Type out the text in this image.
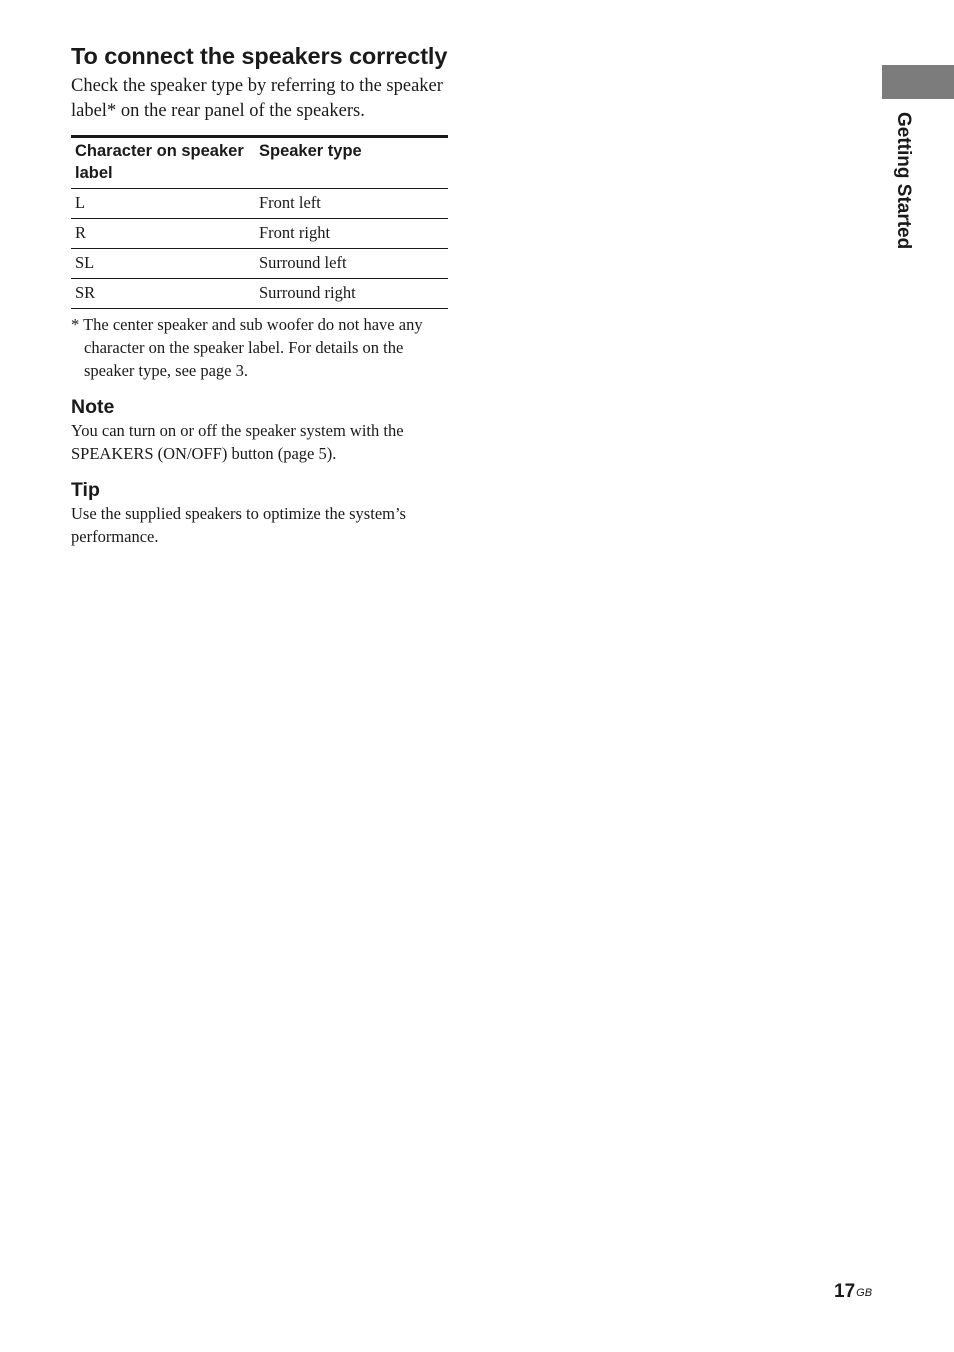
Getting Started
To connect the speakers correctly

Check the speaker type by referring to the speaker label* on the rear panel of the speakers.

Character on speaker label	Speaker type
L	Front left
R	Front right
SL	Surround left
SR	Surround right

* The center speaker and sub woofer do not have any character on the speaker label. For details on the speaker type, see page 3.

Note

You can turn on or off the speaker system with the SPEAKERS (ON/OFF) button (page 5).

Tip

Use the supplied speakers to optimize the system’s performance.

$17^{GB}$
